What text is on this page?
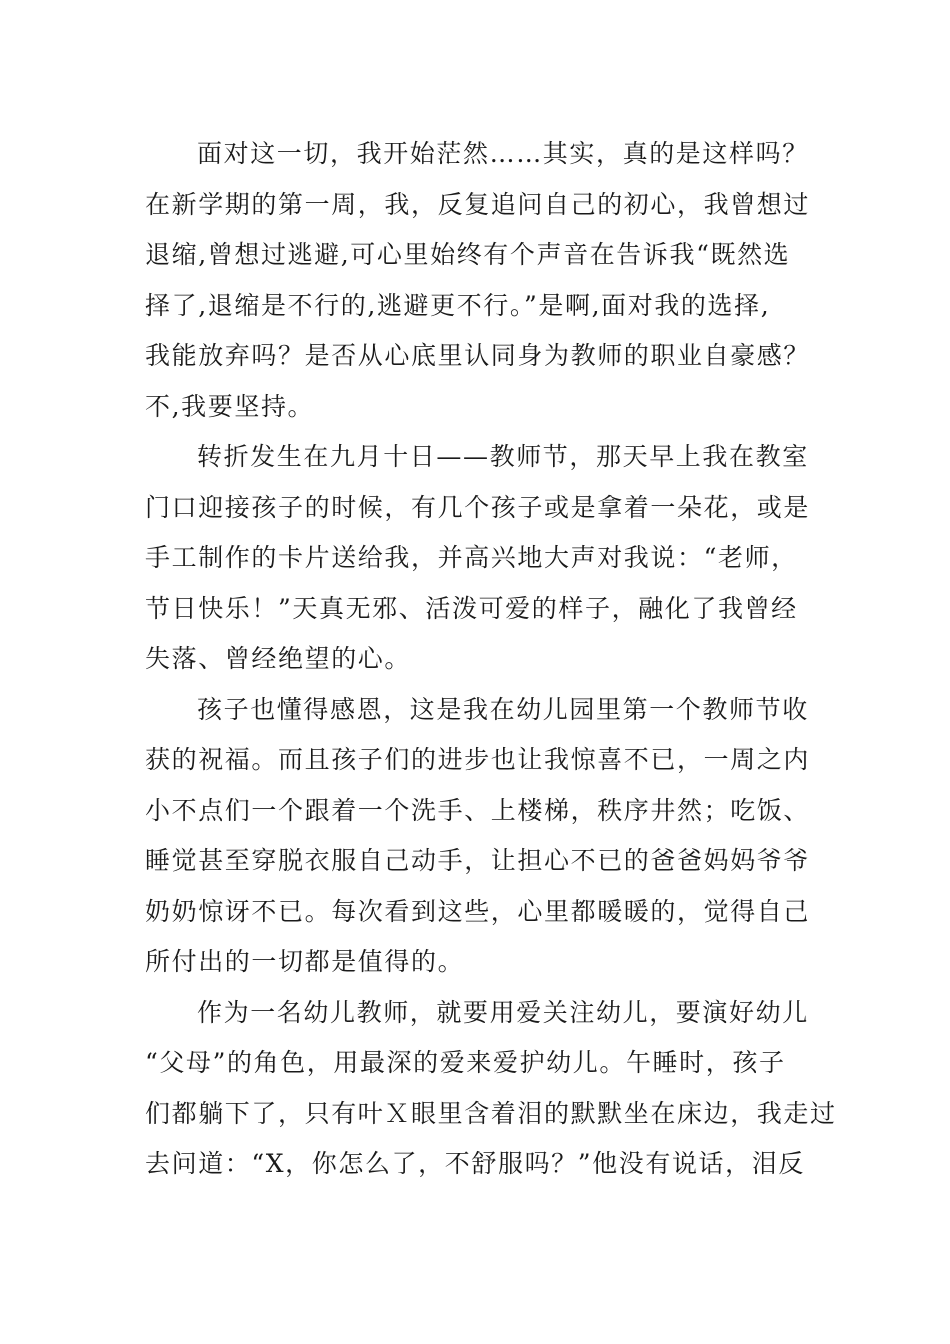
面对这一切，我开始茫然……其实，真的是这样吗？
在新学期的第一周，我，反复追问自己的初心，我曾想过
退缩,曾想过逃避,可心里始终有个声音在告诉我“既然选
择了,退缩是不行的,逃避更不行。”是啊,面对我的选择,
我能放弃吗？是否从心底里认同身为教师的职业自豪感？
不,我要坚持。
转折发生在九月十日——教师节，那天早上我在教室
门口迎接孩子的时候，有几个孩子或是拿着一朵花，或是
手工制作的卡片送给我，并高兴地大声对我说：“老师，
节日快乐！”天真无邪、活泼可爱的样子，融化了我曾经
失落、曾经绝望的心。
孩子也懂得感恩，这是我在幼儿园里第一个教师节收
获的祝福。而且孩子们的进步也让我惊喜不已，一周之内
小不点们一个跟着一个洗手、上楼梯，秩序井然；吃饭、
睡觉甚至穿脱衣服自己动手，让担心不已的爸爸妈妈爷爷
奶奶惊讶不已。每次看到这些，心里都暖暖的，觉得自己
所付出的一切都是值得的。
作为一名幼儿教师，就要用爱关注幼儿，要演好幼儿
“父母”的角色，用最深的爱来爱护幼儿。午睡时，孩子
们都躺下了，只有叶Ｘ眼里含着泪的默默坐在床边，我走过
去问道：“X，你怎么了，不舒服吗？”他没有说话，泪反
